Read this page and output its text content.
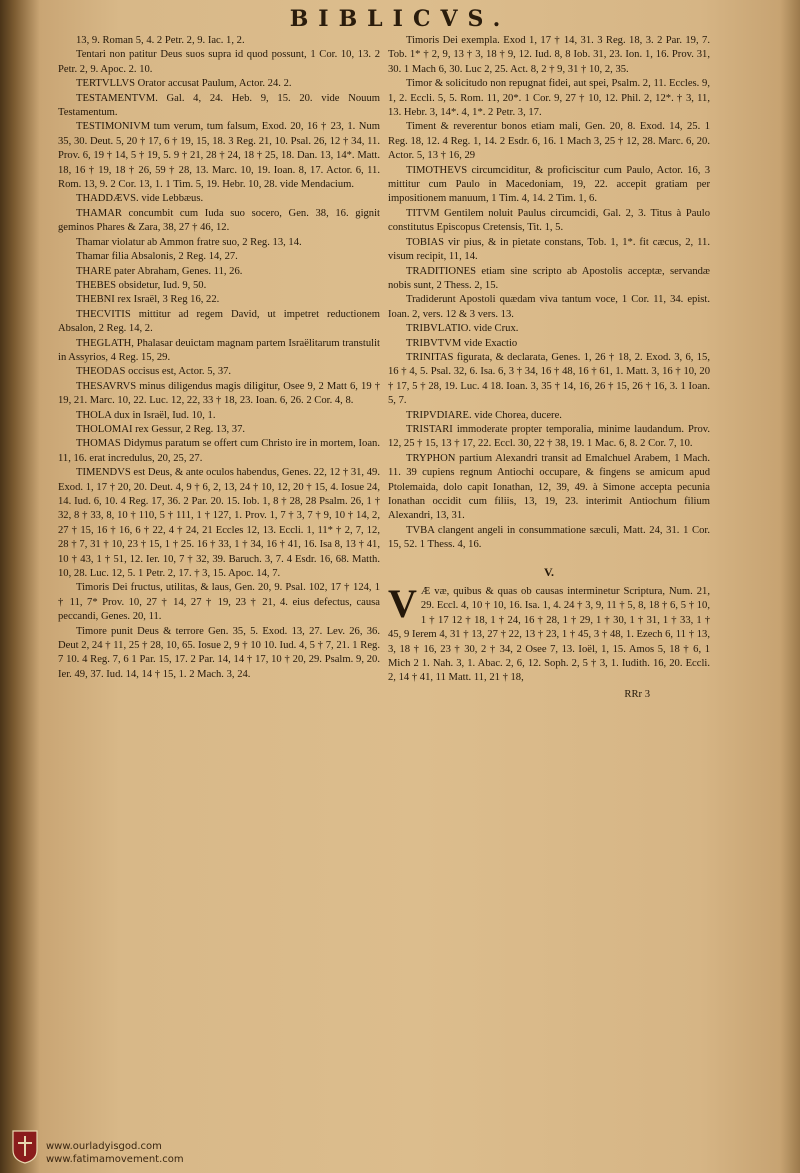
BIBLICVS.

13, 9. Roman 5, 4. 2 Petr. 2, 9. Iac. 1, 2.

Tentari non patitur Deus suos supra id quod possunt, 1 Cor. 10, 13. 2 Petr. 2, 9. Apoc. 2. 10.

TERTVLLVS Orator accusat Paulum, Actor. 24. 2.

TESTAMENTVM. Gal. 4, 24. Heb. 9, 15. 20. vide Nouum Testamentum.

TESTIMONIVM tum verum, tum falsum, Exod. 20, 16 † 23, 1. Num 35, 30. Deut. 5, 20 † 17, 6 † 19, 15, 18. 3 Reg. 21, 10. Psal. 26, 12 † 34, 11. Prov. 6, 19 † 14, 5 † 19, 5. 9 † 21, 28 † 24, 18 † 25, 18. Dan. 13, 14*. Matt. 18, 16 † 19, 18 † 26, 59 † 28, 13. Marc. 10, 19. Ioan. 8, 17. Actor. 6, 11. Rom. 13, 9. 2 Cor. 13, 1. 1 Tim. 5, 19. Hebr. 10, 28. vide Mendacium.

THADDÆVS. vide Lebbæus.

THAMAR concumbit cum Iuda suo socero, Gen. 38, 16. gignit geminos Phares & Zara, 38, 27 † 46, 12.

Thamar violatur ab Ammon fratre suo, 2 Reg. 13, 14.

Thamar filia Absalonis, 2 Reg. 14, 27.

THARE pater Abraham, Genes. 11, 26.

THEBES obsidetur, Iud. 9, 50.

THEBNI rex Israël, 3 Reg 16, 22.

THECVITIS mittitur ad regem David, ut impetret reductionem Absalon, 2 Reg. 14, 2.

THEGLATH, Phalasar deuictam magnam partem Israëlitarum transtulit in Assyrios, 4 Reg. 15, 29.

THEODAS occisus est, Actor. 5, 37.

THESAVRVS minus diligendus magis diligitur, Osee 9, 2 Matt 6, 19 † 19, 21. Marc. 10, 22. Luc. 12, 22, 33 † 18, 23. Ioan. 6, 26. 2 Cor. 4, 8.

THOLA dux in Israël, Iud. 10, 1.

THOLOMAI rex Gessur, 2 Reg. 13, 37.

THOMAS Didymus paratum se offert cum Christo ire in mortem, Ioan. 11, 16. erat incredulus, 20, 25, 27.

TIMENDVS est Deus, & ante oculos habendus, Genes. 22, 12 † 31, 49. Exod. 1, 17 † 20, 20. Deut. 4, 9 † 6, 2, 13, 24 † 10, 12, 20 † 15, 4. Iosue 24, 14. Iud. 6, 10. 4 Reg. 17, 36. 2 Par. 20. 15. Iob. 1, 8 † 28, 28 Psalm. 26, 1 † 32, 8 † 33, 8, 10 † 110, 5 † 111, 1 † 127, 1. Prov. 1, 7 † 3, 7 † 9, 10 † 14, 2, 27 † 15, 16 † 16, 6 † 22, 4 † 24, 21 Eccles 12, 13. Eccli. 1, 11* † 2, 7, 12, 28 † 7, 31 † 10, 23 † 15, 1 † 25. 16 † 33, 1 † 34, 16 † 41, 16. Isa 8, 13 † 41, 10 † 43, 1 † 51, 12. Ier. 10, 7 † 32, 39. Baruch. 3, 7. 4 Esdr. 16, 68. Matth. 10, 28. Luc. 12, 5. 1 Petr. 2, 17. † 3, 15. Apoc. 14, 7.

Timoris Dei fructus, utilitas, & laus, Gen. 20, 9. Psal. 102, 17 † 124, 1 † 11, 7* Prov. 10, 27 † 14, 27 † 19, 23 † 21, 4. eius defectus, causa peccandi, Genes. 20, 11.

Timore punit Deus & terrore Gen. 35, 5. Exod. 13, 27. Lev. 26, 36. Deut 2, 24 † 11, 25 † 28, 10, 65. Iosue 2, 9 † 10 10. Iud. 4, 5 † 7, 21. 1 Reg. 7 10. 4 Reg. 7, 6 1 Par. 15, 17. 2 Par. 14, 14 † 17, 10 † 20, 29. Psalm. 9, 20. Ier. 49, 37. Iud. 14, 14 † 15, 1. 2 Mach. 3, 24.

Timoris Dei exempla. Exod 1, 17 † 14, 31. 3 Reg. 18, 3. 2 Par. 19, 7. Tob. 1* † 2, 9, 13 † 3, 18 † 9, 12. Iud. 8, 8 Iob. 31, 23. Ion. 1, 16. Prov. 31, 30. 1 Mach 6, 30. Luc 2, 25. Act. 8, 2 † 9, 31 † 10, 2, 35.

Timor & solicitudo non repugnat fidei, aut spei, Psalm. 2, 11. Eccles. 9, 1, 2. Eccli. 5, 5. Rom. 11, 20*. 1 Cor. 9, 27 † 10, 12. Phil. 2, 12*. † 3, 11, 13. Hebr. 3, 14*. 4, 1*. 2 Petr. 3, 17.

Timent & reverentur bonos etiam mali, Gen. 20, 8. Exod. 14, 25. 1 Reg. 18, 12. 4 Reg. 1, 14. 2 Esdr. 6, 16. 1 Mach 3, 25 † 12, 28. Marc. 6, 20. Actor. 5, 13 † 16, 29

TIMOTHEVS circumciditur, & proficiscitur cum Paulo, Actor. 16, 3 mittitur cum Paulo in Macedoniam, 19, 22. accepit gratiam per impositionem manuum, 1 Tim. 4, 14. 2 Tim. 1, 6.

TITVM Gentilem noluit Paulus circumcidi, Gal. 2, 3. Titus à Paulo constitutus Episcopus Cretensis, Tit. 1, 5.

TOBIAS vir pius, & in pietate constans, Tob. 1, 1*. fit cæcus, 2, 11. visum recipit, 11, 14.

TRADITIONES etiam sine scripto ab Apostolis acceptæ, servandæ nobis sunt, 2 Thess. 2, 15.

Tradiderunt Apostoli quædam viva tantum voce, 1 Cor. 11, 34. epist. Ioan. 2, vers. 12 & 3 vers. 13.

TRIBVLATIO. vide Crux.

TRIBVTVM vide Exactio

TRINITAS figurata, & declarata, Genes. 1, 26 † 18, 2. Exod. 3, 6, 15, 16 † 4, 5. Psal. 32, 6. Isa. 6, 3 † 34, 16 † 48, 16 † 61, 1. Matt. 3, 16 † 10, 20 † 17, 5 † 28, 19. Luc. 4 18. Ioan. 3, 35 † 14, 16, 26 † 15, 26 † 16, 3. 1 Ioan. 5, 7.

TRIPVDIARE. vide Chorea, ducere.

TRISTARI immoderate propter temporalia, minime laudandum. Prov. 12, 25 † 15, 13 † 17, 22. Eccl. 30, 22 † 38, 19. 1 Mac. 6, 8. 2 Cor. 7, 10.

TRYPHON partium Alexandri transit ad Emalchuel Arabem, 1 Mach. 11. 39 cupiens regnum Antiochi occupare, & fingens se amicum apud Ptolemaida, dolo capit Ionathan, 12, 39, 49. à Simone accepta pecunia Ionathan occidit cum filiis, 13, 19, 23. interimit Antiochum filium Alexandri, 13, 31.

TVBA clangent angeli in consummatione sæculi, Matt. 24, 31. 1 Cor. 15, 52. 1 Thess. 4, 16.

V.

V Æ væ, quibus & quas ob causas interminetur Scriptura, Num. 21, 29. Eccl. 4, 10 † 10, 16. Isa. 1, 4. 24 † 3, 9, 11 † 5, 8, 18 † 6, 5 † 10, 1 † 17 12 † 18, 1 † 24, 16 † 28, 1 † 29, 1 † 30, 1 † 31, 1 † 33, 1 † 45, 9 Ierem 4, 31 † 13, 27 † 22, 13 † 23, 1 † 45, 3 † 48, 1. Ezech 6, 11 † 13, 3, 18 † 16, 23 † 30, 2 † 34, 2 Osee 7, 13. Ioël, 1, 15. Amos 5, 18 † 6, 1 Mich 2 1. Nah. 3, 1. Abac. 2, 6, 12. Soph. 2, 5 † 3, 1. Iudith. 16, 20. Eccli. 2, 14 † 41, 11 Matt. 11, 21 † 18,

RRr 3
www.ourladyisgod.com
www.fatimamovement.com
